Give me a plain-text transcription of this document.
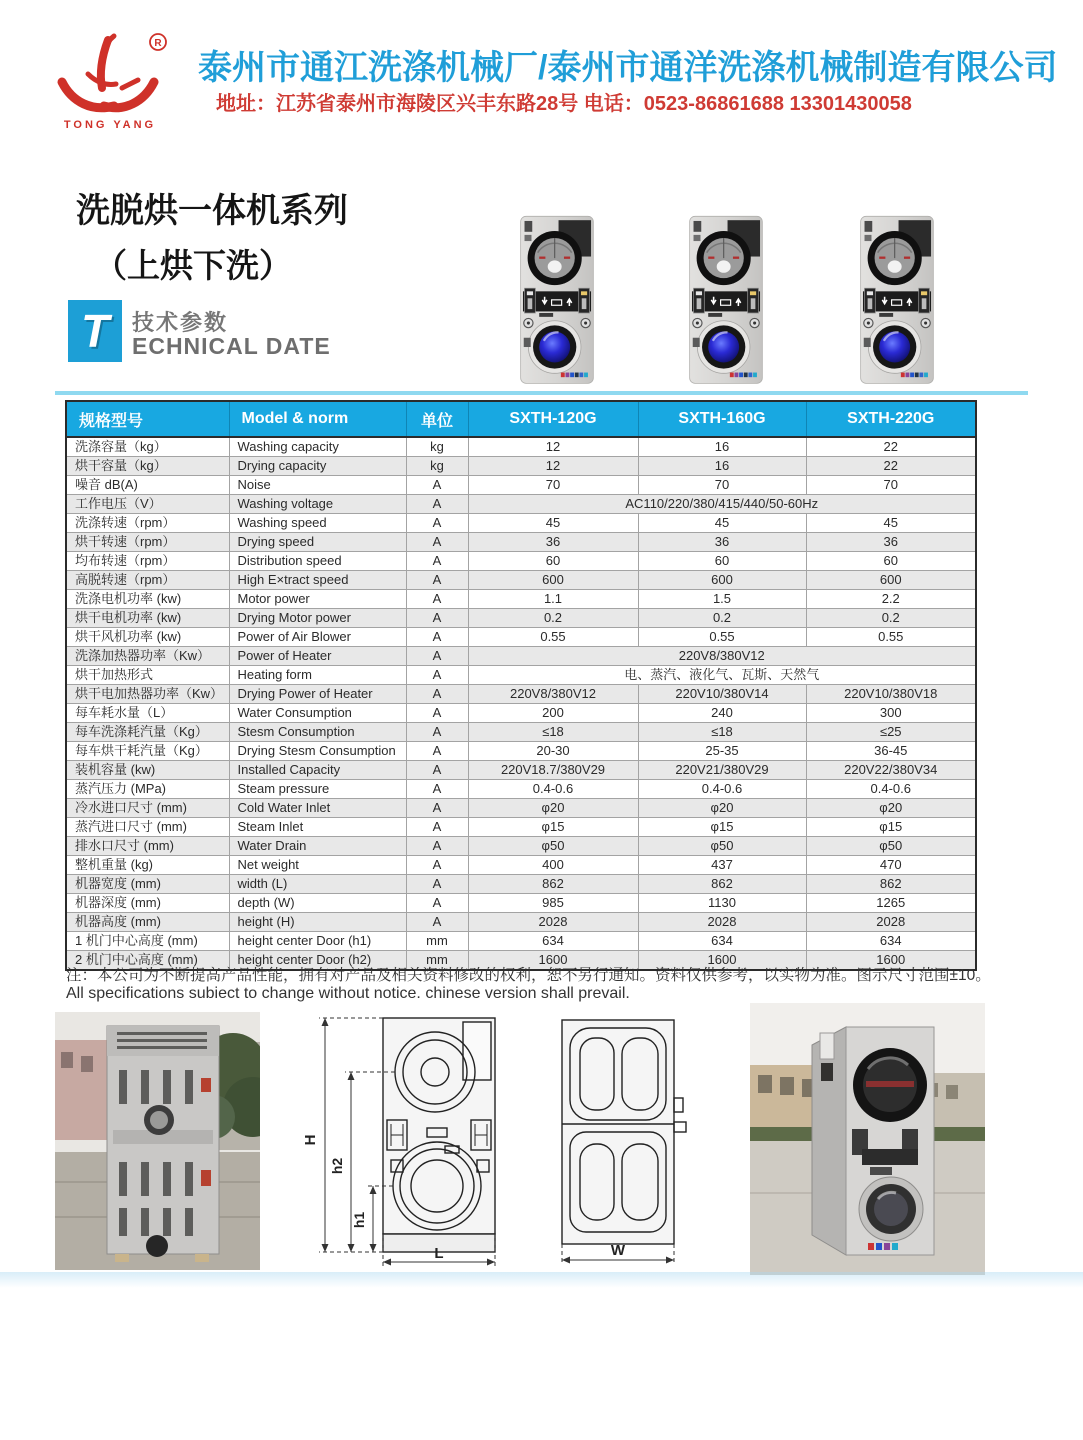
R
TONG YANG
泰州市通江洗涤机械厂/泰州市通洋洗涤机械制造有限公司
地址：江苏省泰州市海陵区兴丰东路28号 电话：0523-86861688 13301430058
洗脱烘一体机系列
（上烘下洗）
T 技术参数
ECHNICAL DATE
规格型号	Model & norm	单位	SXTH-120G	SXTH-160G	SXTH-220G
洗涤容量（kg）	Washing capacity	kg	12	16	22
烘干容量（kg）	Drying capacity	kg	12	16	22
噪音 dB(A)	Noise	A	70	70	70
工作电压（V）	Washing voltage	A	AC110/220/380/415/440/50-60Hz		
洗涤转速（rpm）	Washing speed	A	45	45	45
烘干转速（rpm）	Drying speed	A	36	36	36
均布转速（rpm）	Distribution speed	A	60	60	60
高脱转速（rpm）	High E×tract speed	A	600	600	600
洗涤电机功率 (kw)	Motor power	A	1.1	1.5	2.2
烘干电机功率 (kw)	Drying Motor power	A	0.2	0.2	0.2
烘干风机功率 (kw)	Power of Air Blower	A	0.55	0.55	0.55
洗涤加热器功率（Kw）	Power of Heater	A	220V8/380V12		
烘干加热形式	Heating form	A	电、蒸汽、液化气、瓦斯、天然气		
烘干电加热器功率（Kw）	Drying Power of Heater	A	220V8/380V12	220V10/380V14	220V10/380V18
每车耗水量（L）	Water Consumption	A	200	240	300
每车洗涤耗汽量（Kg）	Stesm Consumption	A	≤18	≤18	≤25
每车烘干耗汽量（Kg）	Drying Stesm Consumption	A	20-30	25-35	36-45
装机容量 (kw)	Installed Capacity	A	220V18.7/380V29	220V21/380V29	220V22/380V34
蒸汽压力 (MPa)	Steam pressure	A	0.4-0.6	0.4-0.6	0.4-0.6
冷水进口尺寸 (mm)	Cold Water Inlet	A	φ20	φ20	φ20
蒸汽进口尺寸 (mm)	Steam Inlet	A	φ15	φ15	φ15
排水口尺寸 (mm)	Water Drain	A	φ50	φ50	φ50
整机重量 (kg)	Net weight	A	400	437	470
机器宽度 (mm)	width (L)	A	862	862	862
机器深度 (mm)	depth (W)	A	985	1130	1265
机器高度 (mm)	height (H)	A	2028	2028	2028
1 机门中心高度 (mm)	height center Door (h1)	mm	634	634	634
2 机门中心高度 (mm)	height center Door (h2)	mm	1600	1600	1600
注：本公司为不断提高产品性能，拥有对产品及相关资料修改的权利，恕不另行通知。资料仅供参考，以实物为准。图示尺寸范围±10。
All specifications subiect to change without notice. chinese version shall prevail.
H
h2
h1
L	W
